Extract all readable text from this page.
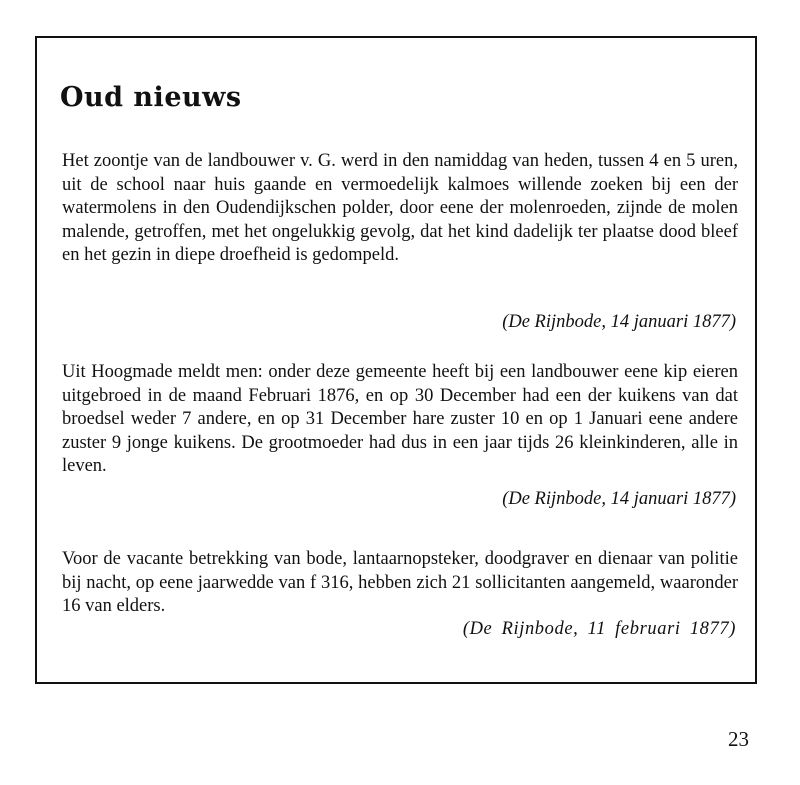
Oud nieuws

Het zoontje van de landbouwer v. G. werd in den namiddag van heden, tussen 4 en 5 uren, uit de school naar huis gaande en vermoedelijk kalmoes willende zoeken bij een der watermolens in den Oudendijkschen polder, door eene der molenroeden, zijnde de molen malende, getroffen, met het ongelukkig gevolg, dat het kind dadelijk ter plaatse dood bleef en het gezin in diepe droefheid is gedompeld.

(De Rijnbode, 14 januari 1877)

Uit Hoogmade meldt men: onder deze gemeente heeft bij een landbouwer eene kip eieren uitgebroed in de maand Februari 1876, en op 30 December had een der kuikens van dat broedsel weder 7 andere, en op 31 December hare zuster 10 en op 1 Januari eene andere zuster 9 jonge kuikens. De grootmoeder had dus in een jaar tijds 26 kleinkinderen, alle in leven.

(De Rijnbode, 14 januari 1877)

Voor de vacante betrekking van bode, lantaarnopsteker, doodgraver en dienaar van politie bij nacht, op eene jaarwedde van f 316, hebben zich 21 sollicitanten aangemeld, waaronder 16 van elders.

(De Rijnbode, 11 februari 1877)

23
